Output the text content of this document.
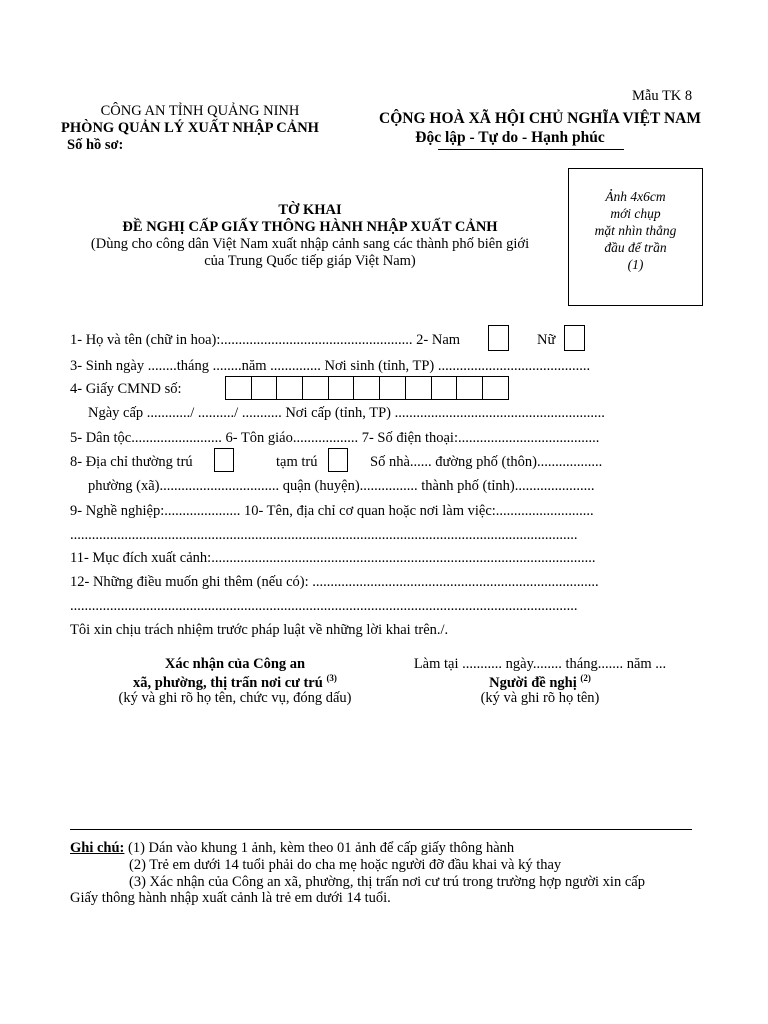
Mẫu TK 8
CÔNG AN TỈNH QUẢNG NINH
PHÒNG QUẢN LÝ XUẤT NHẬP CẢNH
Số hồ sơ:
CỘNG HOÀ XÃ HỘI CHỦ NGHĨA VIỆT NAM
Độc lập - Tự do - Hạnh phúc
Ảnh 4x6cm
mới chụp
mặt nhìn thẳng
đầu để trần
(1)
TỜ KHAI
ĐỀ NGHỊ CẤP GIẤY THÔNG HÀNH NHẬP XUẤT CẢNH
(Dùng cho công dân Việt Nam xuất nhập cảnh sang các thành phố biên giới
của Trung Quốc tiếp giáp Việt Nam)
1- Họ và tên (chữ in hoa):..................................................... 2- Nam	Nữ
3- Sinh ngày ........tháng ........năm .............. Nơi sinh (tỉnh, TP) ..........................................
4- Giấy CMND số:
Ngày cấp ............/ ........../ ........... Nơi cấp (tỉnh, TP) ..........................................................
5- Dân tộc......................... 6- Tôn giáo.................. 7- Số điện thoại:.......................................
8- Địa chỉ thường trú	tạm trú	Số nhà...... đường phố (thôn)..................
phường (xã)................................. quận (huyện)................ thành phố (tỉnh)......................
9- Nghề nghiệp:..................... 10- Tên, địa chỉ cơ quan hoặc nơi làm việc:...........................
............................................................................................................................................
11- Mục đích xuất cảnh:..........................................................................................................
12- Những điều muốn ghi thêm (nếu có): ...............................................................................
............................................................................................................................................
Tôi xin chịu trách nhiệm trước pháp luật về những lời khai trên./.
Xác nhận của Công an
xã, phường, thị trấn nơi cư trú $^{(3)}$
(ký và ghi rõ họ tên, chức vụ, đóng dấu)
Làm tại ........... ngày........ tháng....... năm ...
Người đề nghị $^{(2)}$
(ký và ghi rõ họ tên)
Ghi chú: (1) Dán vào khung 1 ảnh, kèm theo 01 ảnh để cấp giấy thông hành
(2) Trẻ em dưới 14 tuổi phải do cha mẹ hoặc người đỡ đầu khai và ký thay
(3) Xác nhận của Công an xã, phường, thị trấn nơi cư trú trong trường hợp người xin cấp
Giấy thông hành nhập xuất cảnh là trẻ em dưới 14 tuổi.
